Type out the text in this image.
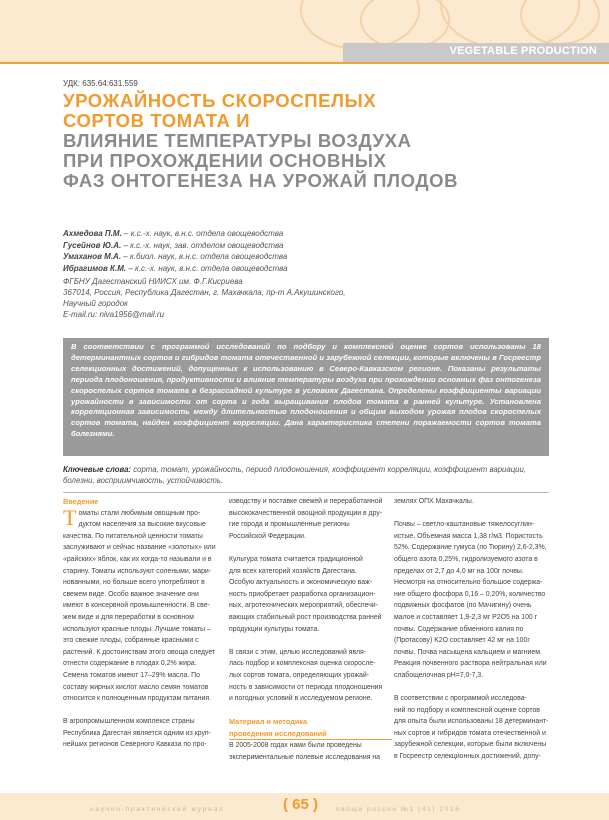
VEGETABLE PRODUCTION
УДК: 635.64:631.559
УРОЖАЙНОСТЬ СКОРОСПЕЛЫХ
СОРТОВ ТОМАТА И
ВЛИЯНИЕ ТЕМПЕРАТУРЫ ВОЗДУХА
ПРИ ПРОХОЖДЕНИИ ОСНОВНЫХ
ФАЗ ОНТОГЕНЕЗА НА УРОЖАЙ ПЛОДОВ
Ахмедова П.М. – к.с.-х. наук, в.н.с. отдела овощеводства
Гусейнов Ю.А. – к.с.-х. наук, зав. отделом овощеводства
Умаханов М.А. – к.биол. наук, в.н.с. отдела овощеводства
Ибрагимов К.М. – к.с.-х. наук, в.н.с. отдела овощеводства
ФГБНУ Дагестанский НИИСХ им. Ф.Г.Кисриева
367014, Россия, Республика Дагестан, г. Махачкала, пр-т А.Акушинского,
Научный городок
E-mail.ru: niva1956@mail.ru

В соответствии с программой исследований по подбору и комплексной оценке сортов использованы 18 детерминантных сортов и гибридов томата отечественной и зарубежной селекции, которые включены в Госреестр селекционных достижений, допущенных к использованию в Северо-Кавказском регионе. Показаны результаты периода плодоношения, продуктивности и влияние температуры воздуха при прохождении основных фаз онтогенеза скороспелых сортов томата в безрассадной культуре в условиях Дагестана. Определены коэффициенты вариации урожайности в зависимости от сорта и года выращивания плодов томата в ранней культуре. Установлена корреляционная зависимость между длительностью плодоношения и общим выходом урожая плодов скороспелых сортов томата, найден коэффициент корреляции. Дана характеристика степени поражаемости сортов томата болезнями.

Ключевые слова: сорта, томат, урожайность, период плодоношения, коэффициент корреляции, коэффициент вариации, болезни, восприимчивость, устойчивость.
Введение
Т оматы стали любимым овощным про-
дуктом населения за высокие вкусовые
качества. По питательной ценности томаты
заслуживают и сейчас название «золотых» или
«райских» яблок, как их когда-то называли и в
старину. Томаты используют солеными, мари-
нованными, но больше всего употребляют в
свежем виде. Особо важное значение они
имеют в консервной промышленности. В све-
жем виде и для переработки в основном
используют красные плоды. Лучшие томаты –
это свежие плоды, собранные красными с
растений. К достоинствам этого овоща следует
отнести содержание в плодах 0,2% жира.
Семена томатов имеют 17–29% масла. По
составу жирных кислот масло семян томатов
относится к полноценным продуктам питания.

В агропромышленном комплексе страны
Республика Дагестан является одним из круп-
нейших регионов Северного Кавказа по про-
изводству и поставке свежей и переработанной
высококачественной овощной продукции в дру-
гие города и промышленные регионы
Российской Федерации.

Культура томата считается традиционной
для всех категорий хозяйств Дагестана.
Особую актуальность и экономическую важ-
ность приобретает разработка организацион-
ных, агротехнических мероприятий, обеспечи-
вающих стабильный рост производства ранней
продукции культуры томата.

В связи с этим, целью исследований явля-
лась подбор и комплексная оценка скоросле-
лых сортов томата, определяющих урожай-
ность в зависимости от периода плодоношения
и погодных условий в исследуемом регионе.

Материал и методика
проведения исследований
В 2005-2008 годах нами были проведены
экспериментальные полевые исследования на
землях ОПХ Махачкалы.

Почвы – светло-каштановые тяжелосуглин-
истые. Объемная масса 1,38 г/м3. Пористость
52%. Содержание гумуса (по Тюрину) 2,6-2,3%,
общего азота 0,25%, гидролизуемого азота в
пределах от 2,7 до 4,0 мг на 100г почвы.
Несмотря на относительно большое содержа-
ние общего фосфора 0,16 – 0,20%, количество
подвижных фосфатов (по Мачигину) очень
малое и составляет 1,9-2,3 мг P2O5 на 100 г
почвы. Содержание обменного калия по
(Протасову) K2O составляет 42 мг на 100г
почвы. Почва насыщена кальцием и магнием.
Реакция почвенного раствора нейтральная или
слабощелочная pH=7,0-7,3.

В соответствии с программой исследова-
ний по подбору и комплексной оценке сортов
для опыта были использованы 18 детерминант-
ных сортов и гибридов томата отечественной и
зарубежной селекции, которые были включены
в Госреестр селекционных достижений, допу-
научно-практический журнал	( 65 )	овощи россии №1 (41) 2016
